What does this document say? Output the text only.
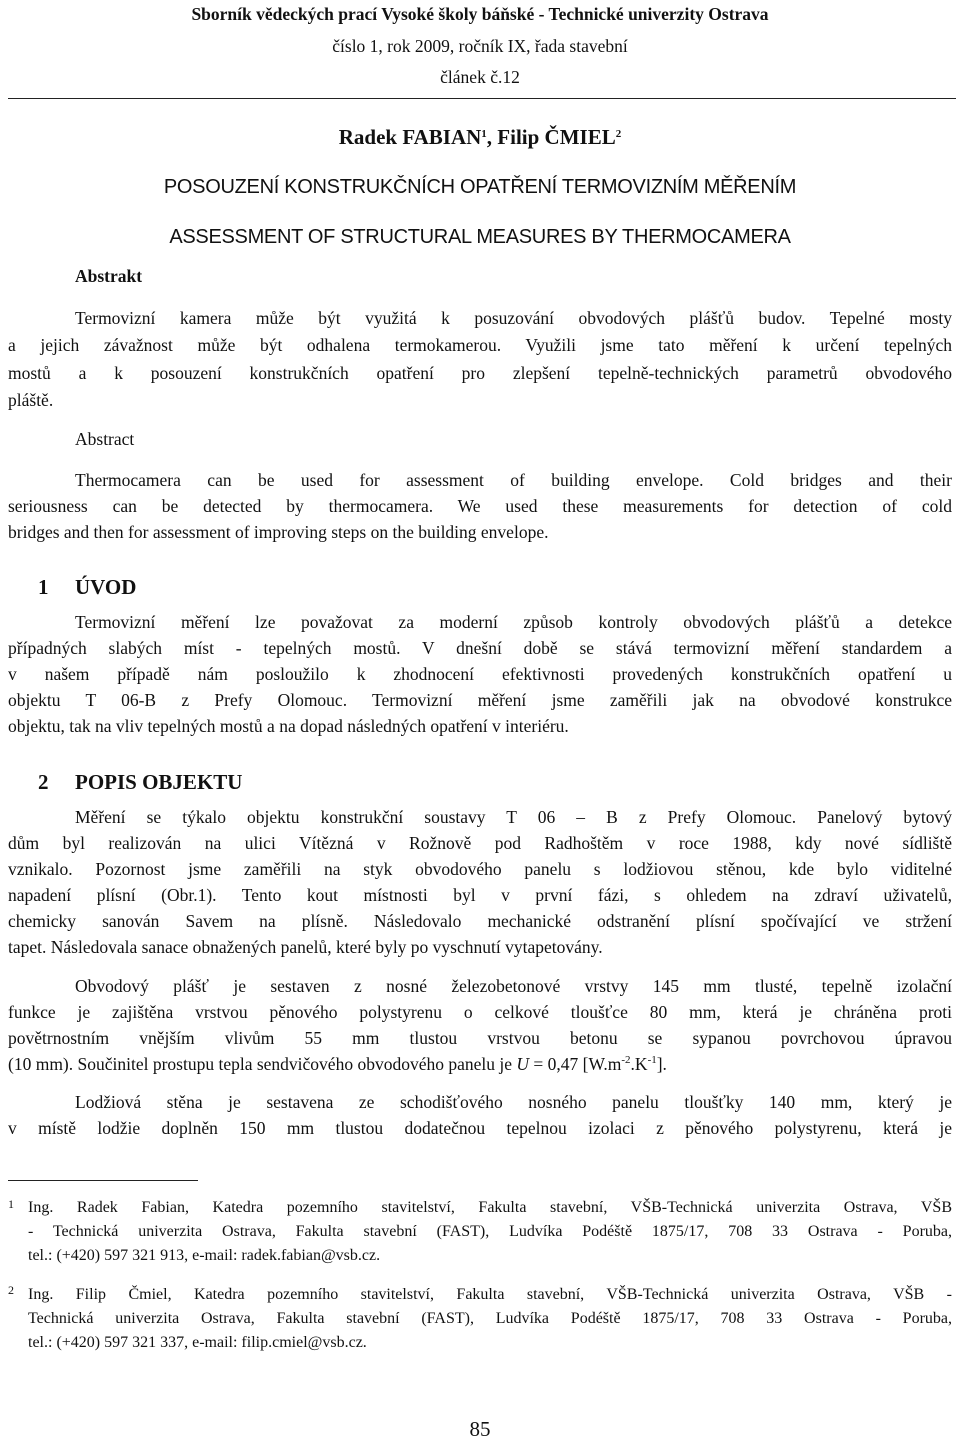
Sborník vědeckých prací Vysoké školy báňské - Technické univerzity Ostrava
číslo 1, rok 2009, ročník IX, řada stavební
článek č.12
Radek FABIAN$^1$, Filip ČMIEL$^2$
POSOUZENÍ KONSTRUKČNÍCH OPATŘENÍ TERMOVIZNÍM MĚŘENÍM
ASSESSMENT OF STRUCTURAL MEASURES BY THERMOCAMERA
Abstrakt
Termovizní kamera může být využitá k posuzování obvodových plášťů budov. Tepelné mosty
a jejich závažnost může být odhalena termokamerou. Využili jsme tato měření k určení tepelných
mostů a k posouzení konstrukčních opatření pro zlepšení tepelně-technických parametrů obvodového
pláště.
Abstract
Thermocamera can be used for assessment of building envelope. Cold bridges and their
seriousness can be detected by thermocamera. We used these measurements for detection of cold
bridges and then for assessment of improving steps on the building envelope.
1 ÚVOD
Termovizní měření lze považovat za moderní způsob kontroly obvodových plášťů a detekce
případných slabých míst - tepelných mostů. V dnešní době se stává termovizní měření standardem a
v našem případě nám posloužilo k zhodnocení efektivnosti provedených konstrukčních opatření u
objektu T 06-B z Prefy Olomouc. Termovizní měření jsme zaměřili jak na obvodové konstrukce
objektu, tak na vliv tepelných mostů a na dopad následných opatření v interiéru.
2 POPIS OBJEKTU
Měření se týkalo objektu konstrukční soustavy T 06 – B z Prefy Olomouc. Panelový bytový
dům byl realizován na ulici Vítězná v Rožnově pod Radhoštěm v roce 1988, kdy nové sídliště
vznikalo. Pozornost jsme zaměřili na styk obvodového panelu s lodžiovou stěnou, kde bylo viditelné
napadení plísní (Obr.1). Tento kout místnosti byl v první fázi, s ohledem na zdraví uživatelů,
chemicky sanován Savem na plísně. Následovalo mechanické odstranění plísní spočívající ve stržení
tapet. Následovala sanace obnažených panelů, které byly po vyschnutí vytapetovány.
Obvodový plášť je sestaven z nosné železobetonové vrstvy 145 mm tlusté, tepelně izolační
funkce je zajištěna vrstvou pěnového polystyrenu o celkové tloušťce 80 mm, která je chráněna proti
povětrnostním vnějším vlivům 55 mm tlustou vrstvou betonu se sypanou povrchovou úpravou
(10 mm). Součinitel prostupu tepla sendvičového obvodového panelu je U = 0,47 $[W.m^{-2}.K^{-1}]$.
Lodžiová stěna je sestavena ze schodišťového nosného panelu tloušťky 140 mm, který je
v místě lodžie doplněn 150 mm tlustou dodatečnou tepelnou izolaci z pěnového polystyrenu, která je
1 Ing. Radek Fabian, Katedra pozemního stavitelství, Fakulta stavební, VŠB-Technická univerzita Ostrava, VŠB
- Technická univerzita Ostrava, Fakulta stavební (FAST), Ludvíka Podéště 1875/17, 708 33 Ostrava - Poruba,
tel.: (+420) 597 321 913, e-mail: radek.fabian@vsb.cz.
2 Ing. Filip Čmiel, Katedra pozemního stavitelství, Fakulta stavební, VŠB-Technická univerzita Ostrava, VŠB -
Technická univerzita Ostrava, Fakulta stavební (FAST), Ludvíka Podéště 1875/17, 708 33 Ostrava - Poruba,
tel.: (+420) 597 321 337, e-mail: filip.cmiel@vsb.cz.
85
